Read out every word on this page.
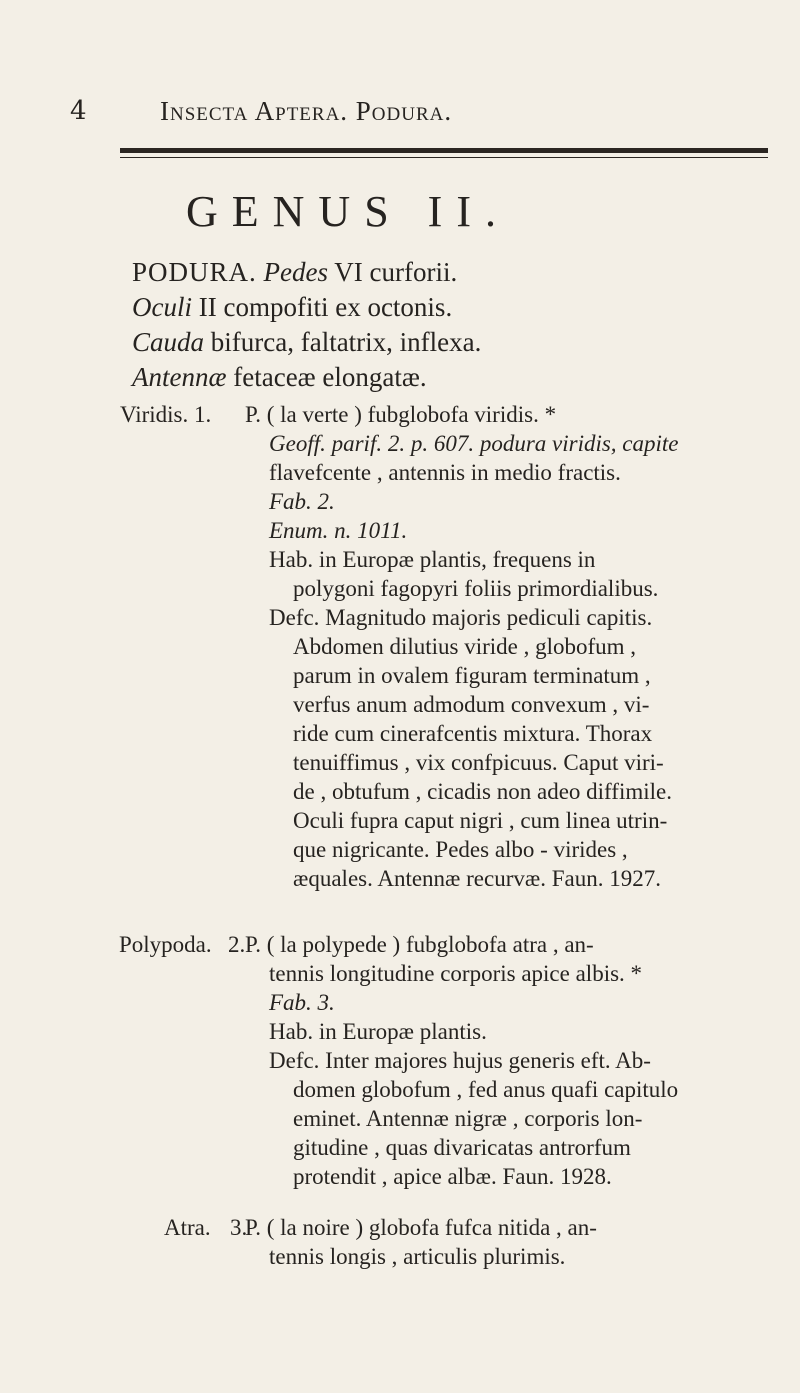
4	Insecta Aptera. Podura.
GENUS II.
PODURA. Pedes VI curforii.
Oculi II compofiti ex octonis.
Cauda bifurca, faltatrix, inflexa.
Antennæ fetaceæ elongatæ.
Viridis. 1. P. ( la verte ) fubglobofa viridis. *
Geoff. parif. 2. p. 607. podura viridis, capite
flavefcente , antennis in medio fractis.
Fab. 2.
Enum. n. 1011.
Hab. in Europæ plantis, frequens in
polygoni fagopyri foliis primordialibus.
Defc. Magnitudo majoris pediculi capitis.
Abdomen dilutius viride , globofum ,
parum in ovalem figuram terminatum ,
verfus anum admodum convexum , vi-
ride cum cinerafcentis mixtura. Thorax
tenuiffimus , vix confpicuus. Caput viri-
de , obtufum , cicadis non adeo diffimile.
Oculi fupra caput nigri , cum linea utrin-
que nigricante. Pedes albo - virides ,
æquales. Antennæ recurvæ. Faun. 1927.
Polypoda. 2. P. ( la polypede ) fubglobofa atra , an-
tennis longitudine corporis apice albis. *
Fab. 3.
Hab. in Europæ plantis.
Defc. Inter majores hujus generis eft. Ab-
domen globofum , fed anus quafi capitulo
eminet. Antennæ nigræ , corporis lon-
gitudine , quas divaricatas antrorfum
protendit , apice albæ. Faun. 1928.
Atra. 3.
P. ( la noire ) globofa fufca nitida , an-
tennis longis , articulis plurimis.
